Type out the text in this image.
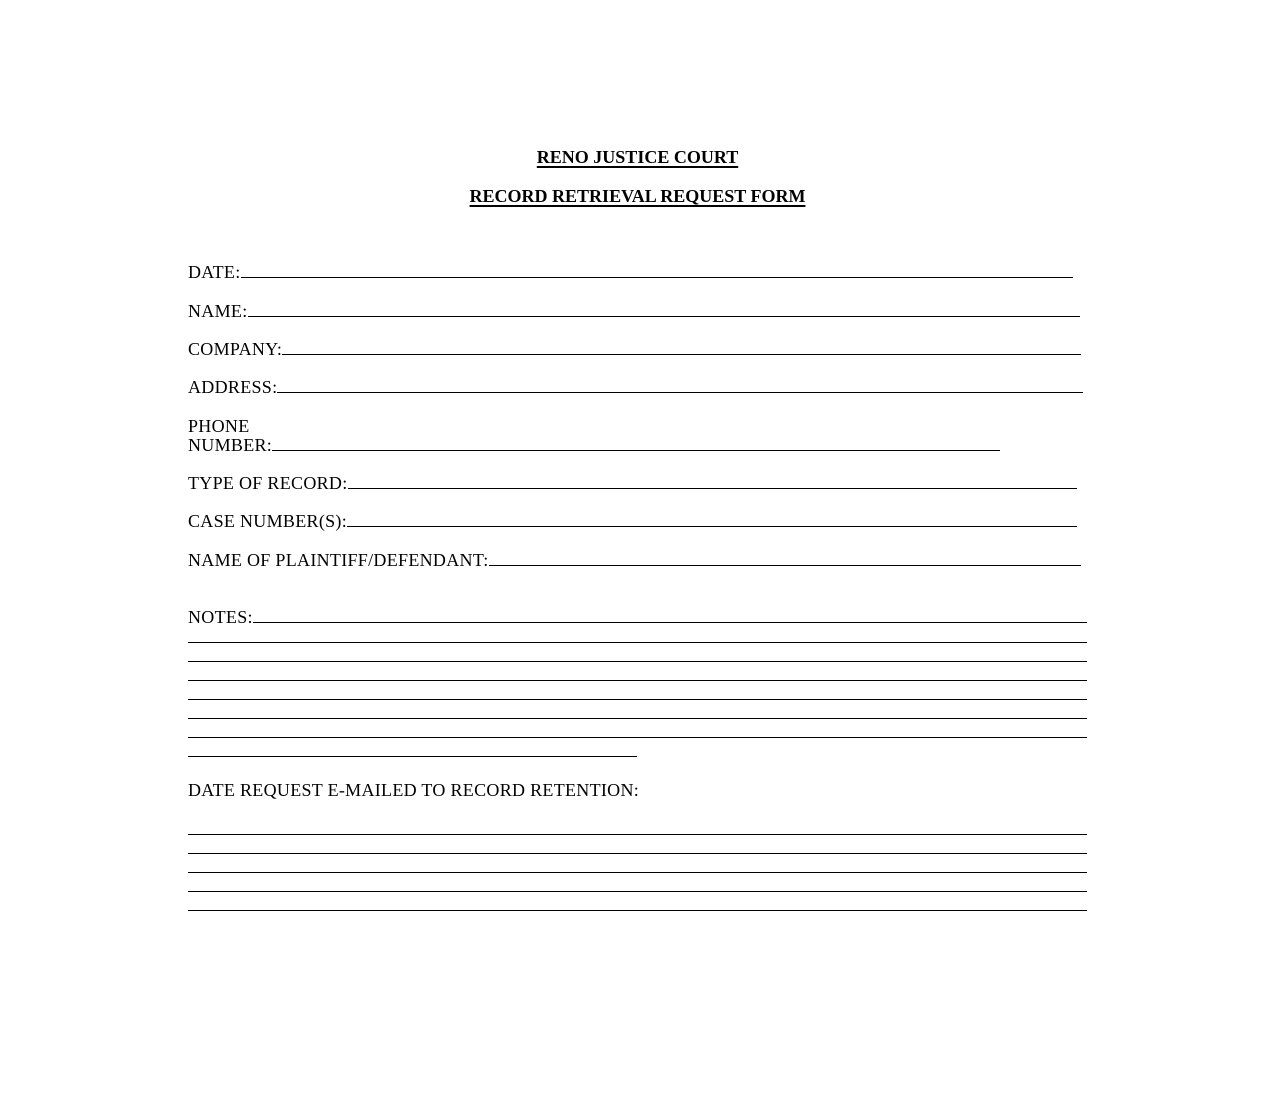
RENO JUSTICE COURT
RECORD RETRIEVAL REQUEST FORM
DATE:
NAME:
COMPANY:
ADDRESS:
PHONE
NUMBER:
TYPE OF RECORD:
CASE NUMBER(S):
NAME OF PLAINTIFF/DEFENDANT:
NOTES:
DATE REQUEST E-MAILED TO RECORD RETENTION:
